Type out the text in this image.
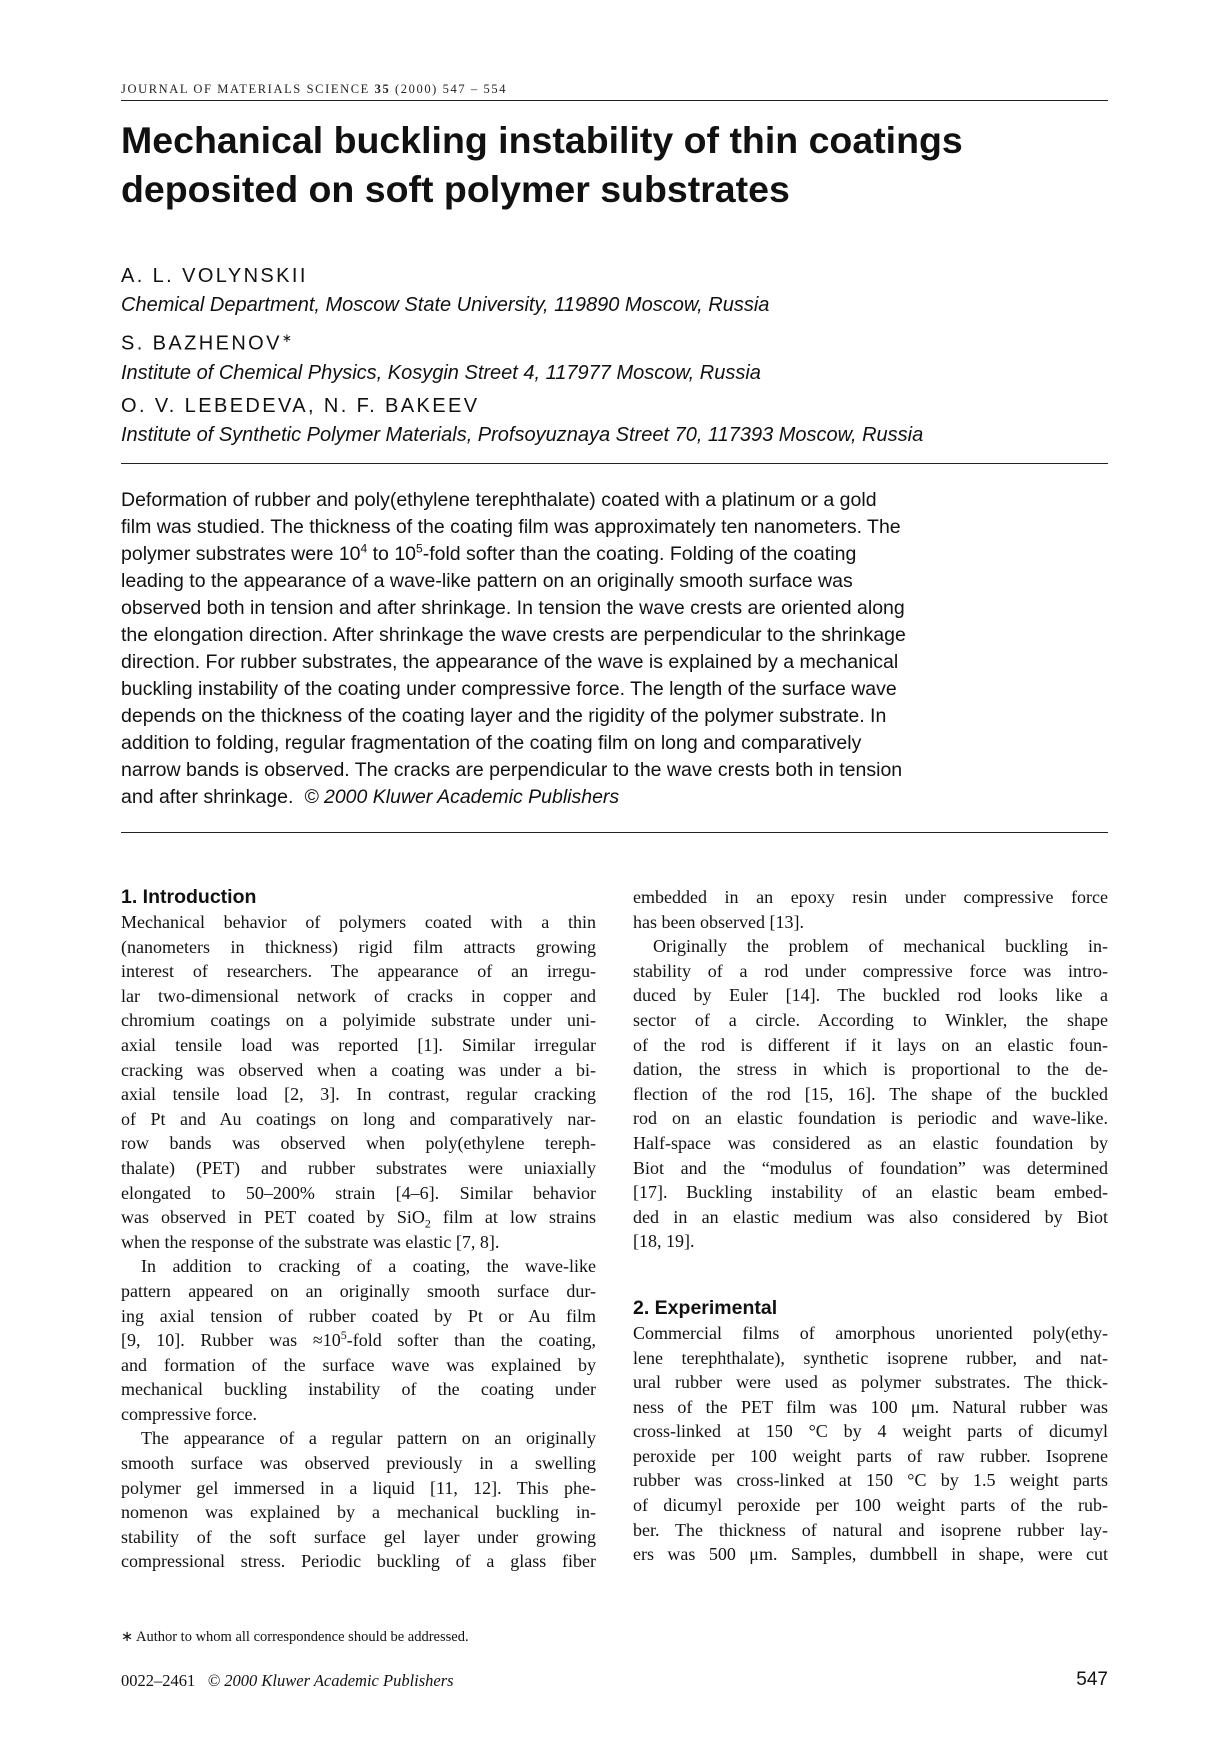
JOURNAL OF MATERIALS SCIENCE 35 (2000) 547 – 554
Mechanical buckling instability of thin coatings
deposited on soft polymer substrates
A. L. VOLYNSKII
Chemical Department, Moscow State University, 119890 Moscow, Russia
S. BAZHENOV∗
Institute of Chemical Physics, Kosygin Street 4, 117977 Moscow, Russia
O. V. LEBEDEVA, N. F. BAKEEV
Institute of Synthetic Polymer Materials, Profsoyuznaya Street 70, 117393 Moscow, Russia
Deformation of rubber and poly(ethylene terephthalate) coated with a platinum or a gold
film was studied. The thickness of the coating film was approximately ten nanometers. The
polymer substrates were $10^4$ to $10^5$-fold softer than the coating. Folding of the coating
leading to the appearance of a wave-like pattern on an originally smooth surface was
observed both in tension and after shrinkage. In tension the wave crests are oriented along
the elongation direction. After shrinkage the wave crests are perpendicular to the shrinkage
direction. For rubber substrates, the appearance of the wave is explained by a mechanical
buckling instability of the coating under compressive force. The length of the surface wave
depends on the thickness of the coating layer and the rigidity of the polymer substrate. In
addition to folding, regular fragmentation of the coating film on long and comparatively
narrow bands is observed. The cracks are perpendicular to the wave crests both in tension
and after shrinkage. © 2000 Kluwer Academic Publishers
1. Introduction
Mechanical behavior of polymers coated with a thin
(nanometers in thickness) rigid film attracts growing
interest of researchers. The appearance of an irregu-
lar two-dimensional network of cracks in copper and
chromium coatings on a polyimide substrate under uni-
axial tensile load was reported [1]. Similar irregular
cracking was observed when a coating was under a bi-
axial tensile load [2, 3]. In contrast, regular cracking
of Pt and Au coatings on long and comparatively nar-
row bands was observed when poly(ethylene tereph-
thalate) (PET) and rubber substrates were uniaxially
elongated to 50–200% strain [4–6]. Similar behavior
was observed in PET coated by SiO$_2$ film at low strains
when the response of the substrate was elastic [7, 8].
In addition to cracking of a coating, the wave-like
pattern appeared on an originally smooth surface dur-
ing axial tension of rubber coated by Pt or Au film
[9, 10]. Rubber was $\approx 10^5$-fold softer than the coating,
and formation of the surface wave was explained by
mechanical buckling instability of the coating under
compressive force.
The appearance of a regular pattern on an originally
smooth surface was observed previously in a swelling
polymer gel immersed in a liquid [11, 12]. This phe-
nomenon was explained by a mechanical buckling in-
stability of the soft surface gel layer under growing
compressional stress. Periodic buckling of a glass fiber
embedded in an epoxy resin under compressive force
has been observed [13].
Originally the problem of mechanical buckling in-
stability of a rod under compressive force was intro-
duced by Euler [14]. The buckled rod looks like a
sector of a circle. According to Winkler, the shape
of the rod is different if it lays on an elastic foun-
dation, the stress in which is proportional to the de-
flection of the rod [15, 16]. The shape of the buckled
rod on an elastic foundation is periodic and wave-like.
Half-space was considered as an elastic foundation by
Biot and the “modulus of foundation” was determined
[17]. Buckling instability of an elastic beam embed-
ded in an elastic medium was also considered by Biot
[18, 19].
2. Experimental
Commercial films of amorphous unoriented poly(ethy-
lene terephthalate), synthetic isoprene rubber, and nat-
ural rubber were used as polymer substrates. The thick-
ness of the PET film was 100 μm. Natural rubber was
cross-linked at 150 °C by 4 weight parts of dicumyl
peroxide per 100 weight parts of raw rubber. Isoprene
rubber was cross-linked at 150 °C by 1.5 weight parts
of dicumyl peroxide per 100 weight parts of the rub-
ber. The thickness of natural and isoprene rubber lay-
ers was 500 μm. Samples, dumbbell in shape, were cut
∗ Author to whom all correspondence should be addressed.
0022–2461 © 2000 Kluwer Academic Publishers	547
